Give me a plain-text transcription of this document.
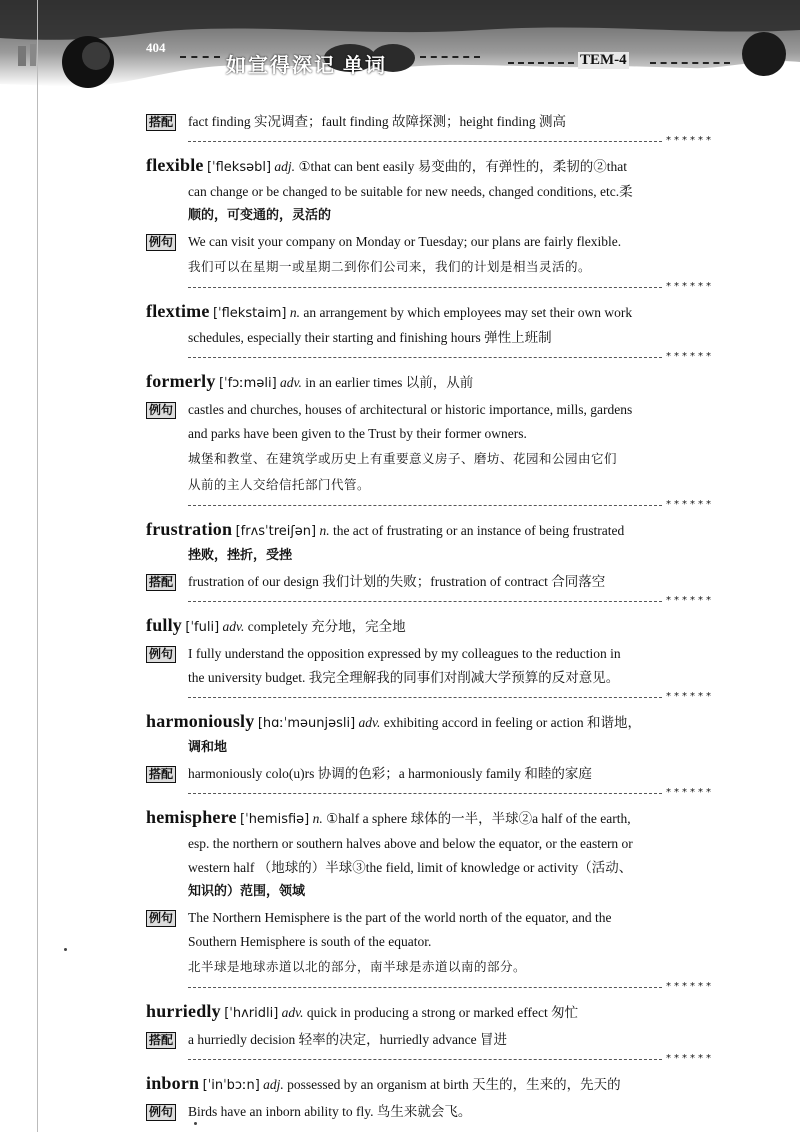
404
如宣得深记 单词	TEM-4
搭配 fact finding 实况调查；fault finding 故障探测；height finding 测高
******
flexible [ˈfleksəbl] adj. ①that can bent easily 易变曲的，有弹性的，柔韧的②that
can change or be changed to be suitable for new needs, changed conditions, etc.柔
顺的，可变通的，灵活的
例句 We can visit your company on Monday or Tuesday; our plans are fairly flexible.
我们可以在星期一或星期二到你们公司来，我们的计划是相当灵活的。
******
flextime [ˈflekstaim] n. an arrangement by which employees may set their own work
schedules, especially their starting and finishing hours 弹性上班制
******
formerly [ˈfɔːməli] adv. in an earlier times 以前，从前
例句 castles and churches, houses of architectural or historic importance, mills, gardens
and parks have been given to the Trust by their former owners.
城堡和教堂、在建筑学或历史上有重要意义房子、磨坊、花园和公园由它们
从前的主人交给信托部门代管。
******
frustration [frʌsˈtreiʃən] n. the act of frustrating or an instance of being frustrated
挫败，挫折，受挫
搭配 frustration of our design 我们计划的失败；frustration of contract 合同落空
******
fully [ˈfuli] adv. completely 充分地，完全地
例句 I fully understand the opposition expressed by my colleagues to the reduction in
the university budget. 我完全理解我的同事们对削减大学预算的反对意见。
******
harmoniously [hɑːˈməunjəsli] adv. exhibiting accord in feeling or action 和谐地，
调和地
搭配 harmoniously colo(u)rs 协调的色彩；a harmoniously family 和睦的家庭
******
hemisphere [ˈhemisfiə] n. ①half a sphere 球体的一半，半球②a half of the earth,
esp. the northern or southern halves above and below the equator, or the eastern or
western half （地球的）半球③the field, limit of knowledge or activity（活动、
知识的）范围，领域
例句 The Northern Hemisphere is the part of the world north of the equator, and the
Southern Hemisphere is south of the equator.
北半球是地球赤道以北的部分，南半球是赤道以南的部分。
******
hurriedly [ˈhʌridli] adv. quick in producing a strong or marked effect 匆忙
搭配 a hurriedly decision 轻率的决定，hurriedly advance 冒进
******
inborn [ˈinˈbɔːn] adj. possessed by an organism at birth 天生的，生来的，先天的
例句 Birds have an inborn ability to fly. 鸟生来就会飞。
